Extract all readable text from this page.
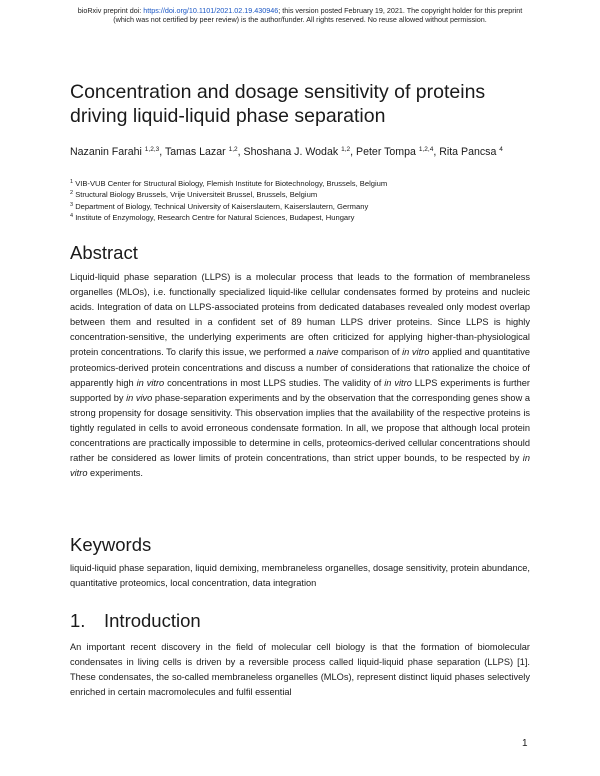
bioRxiv preprint doi: https://doi.org/10.1101/2021.02.19.430946; this version posted February 19, 2021. The copyright holder for this preprint
(which was not certified by peer review) is the author/funder. All rights reserved. No reuse allowed without permission.
Concentration and dosage sensitivity of proteins driving liquid-liquid phase separation
Nazanin Farahi $^{1,2,3}$, Tamas Lazar $^{1,2}$, Shoshana J. Wodak $^{1,2}$, Peter Tompa $^{1,2,4}$, Rita Pancsa $^4$
$^1$ VIB-VUB Center for Structural Biology, Flemish Institute for Biotechnology, Brussels, Belgium
$^2$ Structural Biology Brussels, Vrije Universiteit Brussel, Brussels, Belgium
$^3$ Department of Biology, Technical University of Kaiserslautern, Kaiserslautern, Germany
$^4$ Institute of Enzymology, Research Centre for Natural Sciences, Budapest, Hungary
Abstract
Liquid-liquid phase separation (LLPS) is a molecular process that leads to the formation of membraneless organelles (MLOs), i.e. functionally specialized liquid-like cellular condensates formed by proteins and nucleic acids. Integration of data on LLPS-associated proteins from dedicated databases revealed only modest overlap between them and resulted in a confident set of 89 human LLPS driver proteins. Since LLPS is highly concentration-sensitive, the underlying experiments are often criticized for applying higher-than-physiological protein concentrations. To clarify this issue, we performed a naive comparison of in vitro applied and quantitative proteomics-derived protein concentrations and discuss a number of considerations that rationalize the choice of apparently high in vitro concentrations in most LLPS studies. The validity of in vitro LLPS experiments is further supported by in vivo phase-separation experiments and by the observation that the corresponding genes show a strong propensity for dosage sensitivity. This observation implies that the availability of the respective proteins is tightly regulated in cells to avoid erroneous condensate formation. In all, we propose that although local protein concentrations are practically impossible to determine in cells, proteomics-derived cellular concentrations should rather be considered as lower limits of protein concentrations, than strict upper bounds, to be respected by in vitro experiments.
Keywords
liquid-liquid phase separation, liquid demixing, membraneless organelles, dosage sensitivity, protein abundance, quantitative proteomics, local concentration, data integration
1. Introduction
An important recent discovery in the field of molecular cell biology is that the formation of biomolecular condensates in living cells is driven by a reversible process called liquid-liquid phase separation (LLPS) [1]. These condensates, the so-called membraneless organelles (MLOs), represent distinct liquid phases selectively enriched in certain macromolecules and fulfil essential
1
